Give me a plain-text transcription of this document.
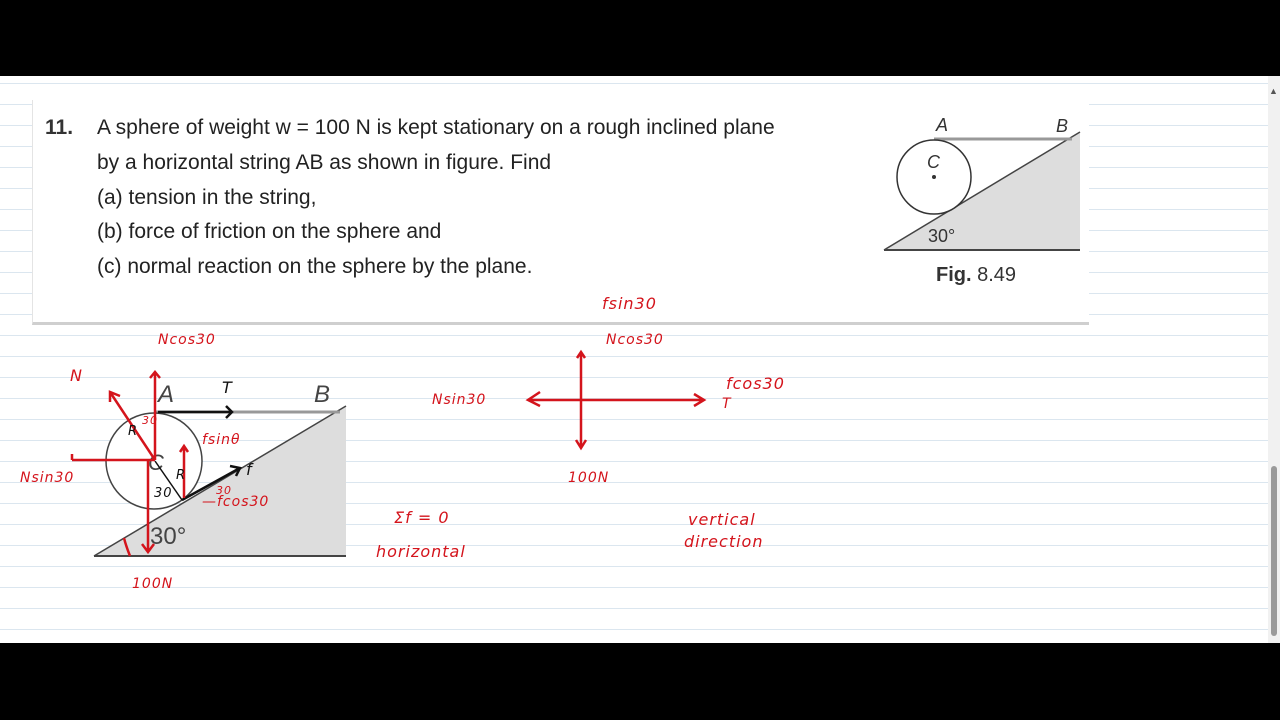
11. A sphere of weight w = 100 N is kept stationary on a rough inclined plane
by a horizontal string AB as shown in figure. Find
(a) tension in the string,
(b) force of friction on the sphere and
(c) normal reaction on the sphere by the plane.	Fig. 8.49
A	B
C
30°
A	B
C
30°
N
Ncos30
Nsin30
T
fsinθ
f
—fcos30
R
R
30
30	30
100N
fsin30
Ncos30
Nsin30
fcos30
T
100N
Σf = 0
horizontal
vertical
direction
▲
